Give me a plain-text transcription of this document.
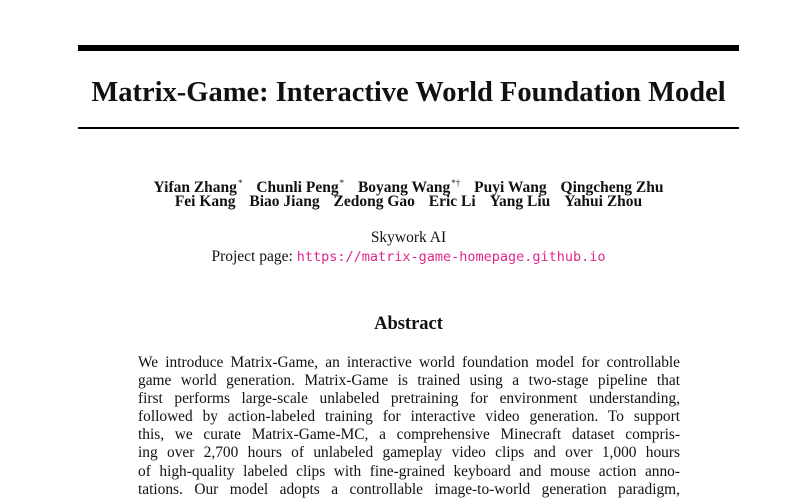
Matrix-Game: Interactive World Foundation Model
Yifan Zhang* Chunli Peng* Boyang Wang*† Puyi Wang Qingcheng Zhu
Fei Kang Biao Jiang Zedong Gao Eric Li Yang Liu Yahui Zhou
Skywork AI
Project page: https://matrix-game-homepage.github.io
Abstract
We introduce Matrix-Game, an interactive world foundation model for controllable
game world generation. Matrix-Game is trained using a two-stage pipeline that
first performs large-scale unlabeled pretraining for environment understanding,
followed by action-labeled training for interactive video generation. To support
this, we curate Matrix-Game-MC, a comprehensive Minecraft dataset compris-
ing over 2,700 hours of unlabeled gameplay video clips and over 1,000 hours
of high-quality labeled clips with fine-grained keyboard and mouse action anno-
tations. Our model adopts a controllable image-to-world generation paradigm,
